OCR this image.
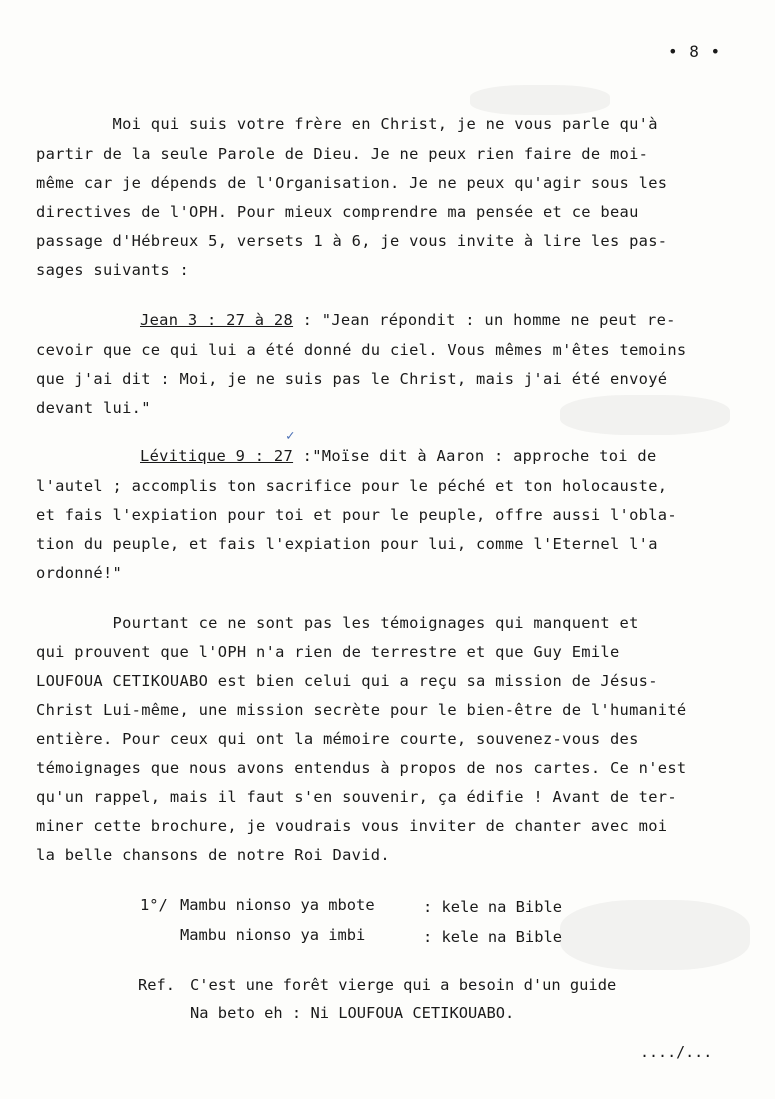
• 8 •
Moi qui suis votre frère en Christ, je ne vous parle qu'à
partir de la seule Parole de Dieu. Je ne peux rien faire de moi-
même car je dépends de l'Organisation. Je ne peux qu'agir sous les
directives de l'OPH. Pour mieux comprendre ma pensée et ce beau
passage d'Hébreux 5, versets 1 à 6, je vous invite à lire les pas-
sages suivants :
Jean 3 : 27 à 28 : "Jean répondit : un homme ne peut re-
cevoir que ce qui lui a été donné du ciel. Vous mêmes m'êtes temoins
que j'ai dit : Moi, je ne suis pas le Christ, mais j'ai été envoyé
devant lui."
✓
Lévitique 9 : 27 :"Moïse dit à Aaron : approche toi de
l'autel ; accomplis ton sacrifice pour le péché et ton holocauste,
et fais l'expiation pour toi et pour le peuple, offre aussi l'obla-
tion du peuple, et fais l'expiation pour lui, comme l'Eternel l'a
ordonné!"
Pourtant ce ne sont pas les témoignages qui manquent et
qui prouvent que l'OPH n'a rien de terrestre et que Guy Emile
LOUFOUA CETIKOUABO est bien celui qui a reçu sa mission de Jésus-
Christ Lui-même, une mission secrète pour le bien-être de l'humanité
entière. Pour ceux qui ont la mémoire courte, souvenez-vous des
témoignages que nous avons entendus à propos de nos cartes. Ce n'est
qu'un rappel, mais il faut s'en souvenir, ça édifie ! Avant de ter-
miner cette brochure, je voudrais vous inviter de chanter avec moi
la belle chansons de notre Roi David.
1°/ Mambu nionso ya mbote	: kele na Bible
Mambu nionso ya imbi	: kele na Bible
Ref. C'est une forêt vierge qui a besoin d'un guide
Na beto eh : Ni LOUFOUA CETIKOUABO.
..../...
